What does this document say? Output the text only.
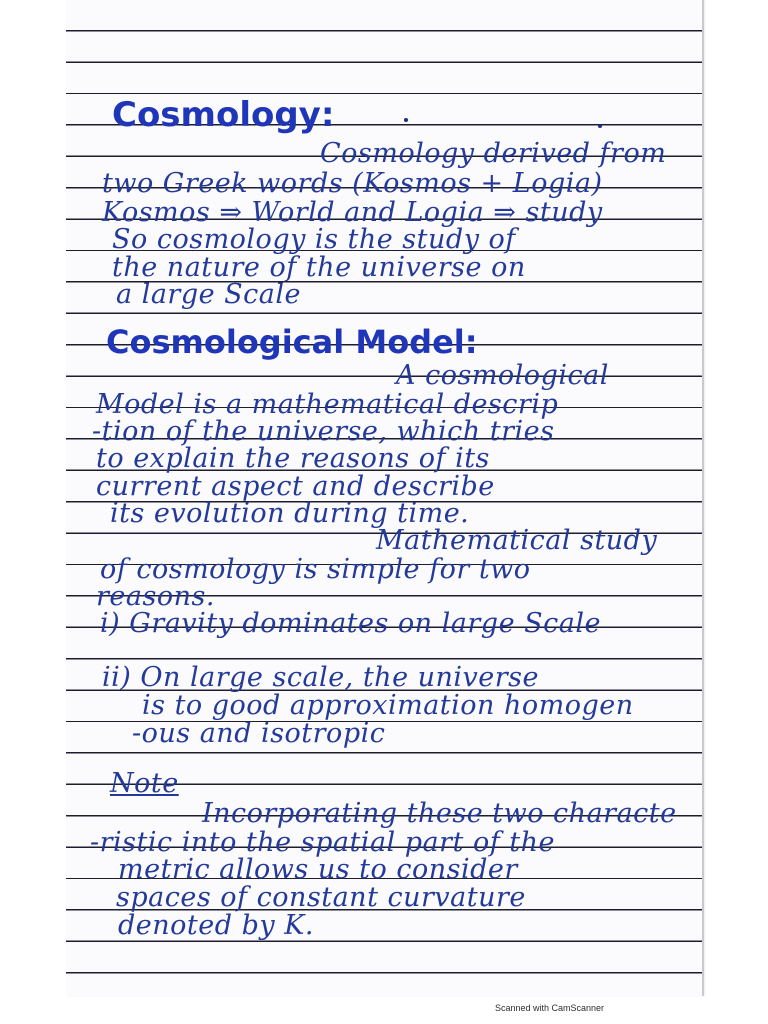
Cosmology:
Cosmology derived from
two Greek words (Kosmos + Logia)
Kosmos ⇒ World and Logia ⇒ study
So cosmology is the study of
the nature of the universe on
a large Scale
Cosmological Model:
A cosmological
Model is a mathematical descrip
-tion of the universe, which tries
to explain the reasons of its
current aspect and describe
its evolution during time.
Mathematical study
of cosmology is simple for two
reasons.
i) Gravity dominates on large Scale
ii) On large scale, the universe
is to good approximation homogen
-ous and isotropic
Note
Incorporating these two characte
-ristic into the spatial part of the
metric allows us to consider
spaces of constant curvature
denoted by K.
Scanned with CamScanner
